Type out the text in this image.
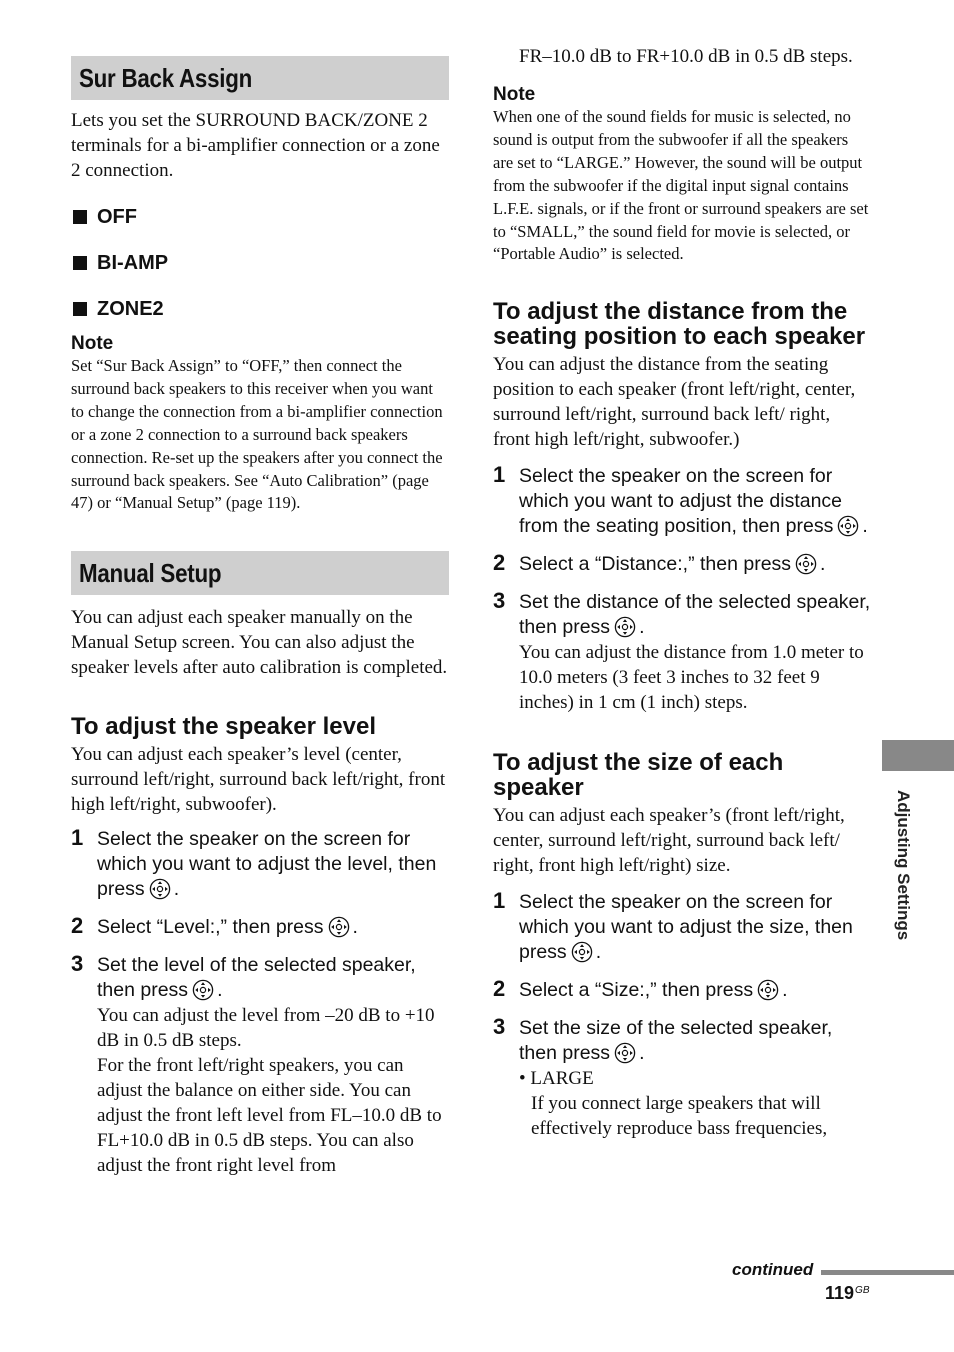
Sur Back Assign

Lets you set the SURROUND BACK/ZONE 2 terminals for a bi-amplifier connection or a zone 2 connection.

OFF

BI-AMP

ZONE2

Note

Set “Sur Back Assign” to “OFF,” then connect the surround back speakers to this receiver when you want to change the connection from a bi-amplifier connection or a zone 2 connection to a surround back speakers connection. Re-set up the speakers after you connect the surround back speakers. See “Auto Calibration” (page 47) or “Manual Setup” (page 119).

Manual Setup

You can adjust each speaker manually on the Manual Setup screen. You can also adjust the speaker levels after auto calibration is completed.

To adjust the speaker level

You can adjust each speaker’s level (center, surround left/right, surround back left/right, front high left/right, subwoofer).

1 Select the speaker on the screen for which you want to adjust the level, then press .

2 Select “Level:,” then press .

3 Set the level of the selected speaker, then press .

You can adjust the level from –20 dB to +10 dB in 0.5 dB steps.

For the front left/right speakers, you can adjust the balance on either side. You can adjust the front left level from FL–10.0 dB to FL+10.0 dB in 0.5 dB steps. You can also adjust the front right level from

FR–10.0 dB to FR+10.0 dB in 0.5 dB steps.

Note

When one of the sound fields for music is selected, no sound is output from the subwoofer if all the speakers are set to “LARGE.” However, the sound will be output from the subwoofer if the digital input signal contains L.F.E. signals, or if the front or surround speakers are set to “SMALL,” the sound field for movie is selected, or “Portable Audio” is selected.

To adjust the distance from the seating position to each speaker

You can adjust the distance from the seating position to each speaker (front left/right, center, surround left/right, surround back left/ right, front high left/right, subwoofer.)

1 Select the speaker on the screen for which you want to adjust the distance from the seating position, then press .

2 Select a “Distance:,” then press .

3 Set the distance of the selected speaker, then press .

You can adjust the distance from 1.0 meter to 10.0 meters (3 feet 3 inches to 32 feet 9 inches) in 1 cm (1 inch) steps.

To adjust the size of each speaker

You can adjust each speaker’s (front left/right, center, surround left/right, surround back left/ right, front high left/right) size.

1 Select the speaker on the screen for which you want to adjust the size, then press .

2 Select a “Size:,” then press .

3 Set the size of the selected speaker, then press .

• LARGE

If you connect large speakers that will effectively reproduce bass frequencies,

Adjusting Settings
continued
$119^{GB}$
